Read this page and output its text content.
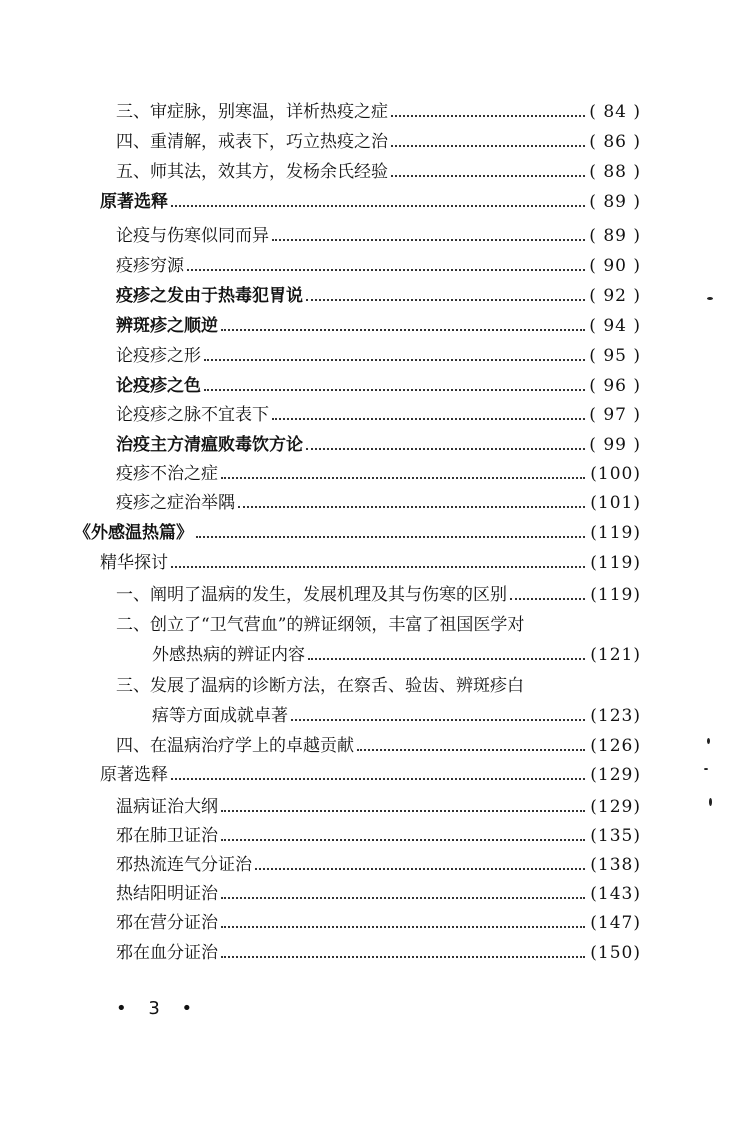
三、审症脉，别寒温，详析热疫之症	( 84 )
四、重清解，戒表下，巧立热疫之治	( 86 )
五、师其法，效其方，发杨余氏经验	( 88 )
原著选释	( 89 )
论疫与伤寒似同而异	( 89 )
疫疹穷源	( 90 )
疫疹之发由于热毒犯胃说	( 92 )
辨斑疹之顺逆	( 94 )
论疫疹之形	( 95 )
论疫疹之色	( 96 )
论疫疹之脉不宜表下	( 97 )
治疫主方清瘟败毒饮方论	( 99 )
疫疹不治之症	(100)
疫疹之症治举隅	(101)
《外感温热篇》	(119)
精华探讨	(119)
一、阐明了温病的发生，发展机理及其与伤寒的区别	(119)
二、创立了“卫气营血”的辨证纲领，丰富了祖国医学对
外感热病的辨证内容	(121)
三、发展了温病的诊断方法，在察舌、验齿、辨斑疹白
痦等方面成就卓著	(123)
四、在温病治疗学上的卓越贡献	(126)
原著选释	(129)
温病证治大纲	(129)
邪在肺卫证治	(135)
邪热流连气分证治	(138)
热结阳明证治	(143)
邪在营分证治	(147)
邪在血分证治	(150)
• 3 •
